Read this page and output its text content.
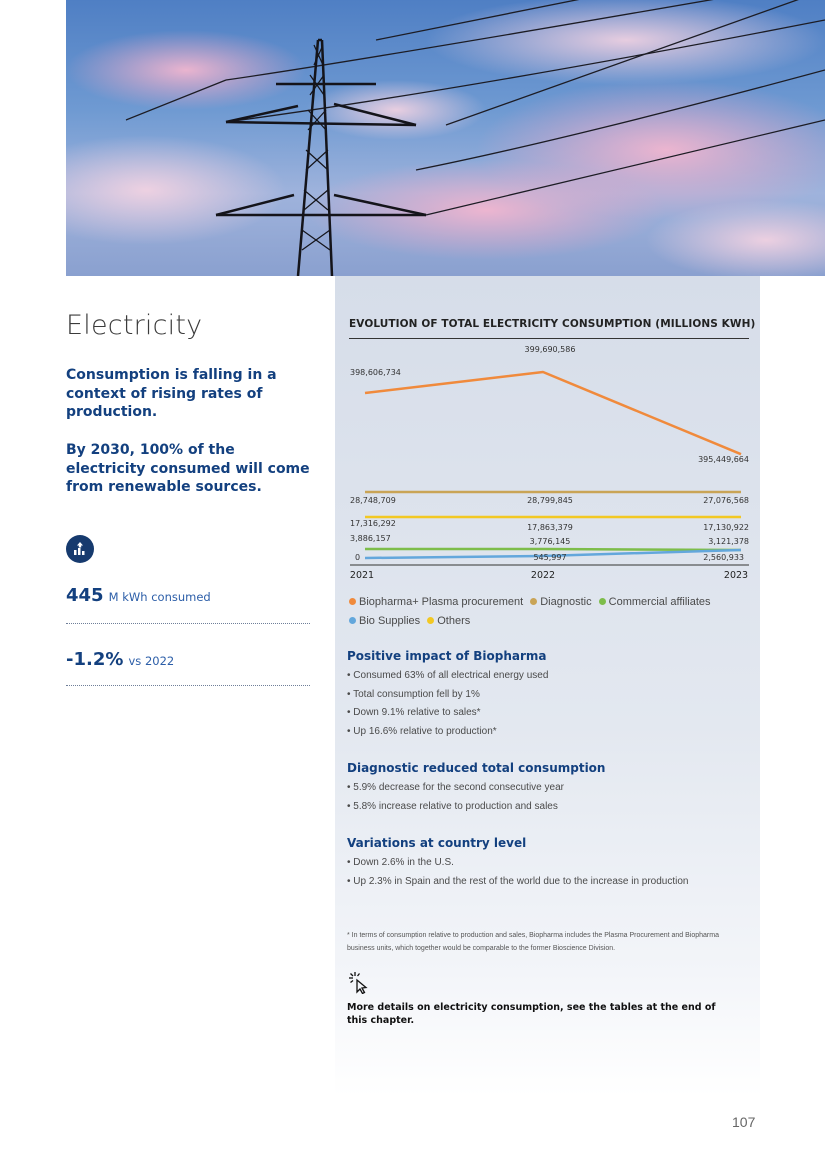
Electricity
Consumption is falling in a context of rising rates of production.
By 2030, 100% of the electricity consumed will come from renewable sources.
445 M kWh consumed
-1.2% vs 2022
EVOLUTION OF TOTAL ELECTRICITY CONSUMPTION (MILLIONS KWH)
398,606,734
399,690,586
395,449,664
28,748,709	28,799,845	27,076,568
17,316,292	17,863,379	17,130,922
3,886,157	3,776,145	3,121,378
0	545,997	2,560,933
2021	2022	2023
Biopharma+ Plasma procurement Diagnostic Commercial affiliates Bio Supplies Others
Positive impact of Biopharma
• Consumed 63% of all electrical energy used
• Total consumption fell by 1%
• Down 9.1% relative to sales*
• Up 16.6% relative to production*
Diagnostic reduced total consumption
• 5.9% decrease for the second consecutive year
• 5.8% increase relative to production and sales
Variations at country level
• Down 2.6% in the U.S.
• Up 2.3% in Spain and the rest of the world due to the increase in production
* In terms of consumption relative to production and sales, Biopharma includes the Plasma Procurement and Biopharma business units, which together would be comparable to the former Bioscience Division.
More details on electricity consumption, see the tables at the end of this chapter.
107
